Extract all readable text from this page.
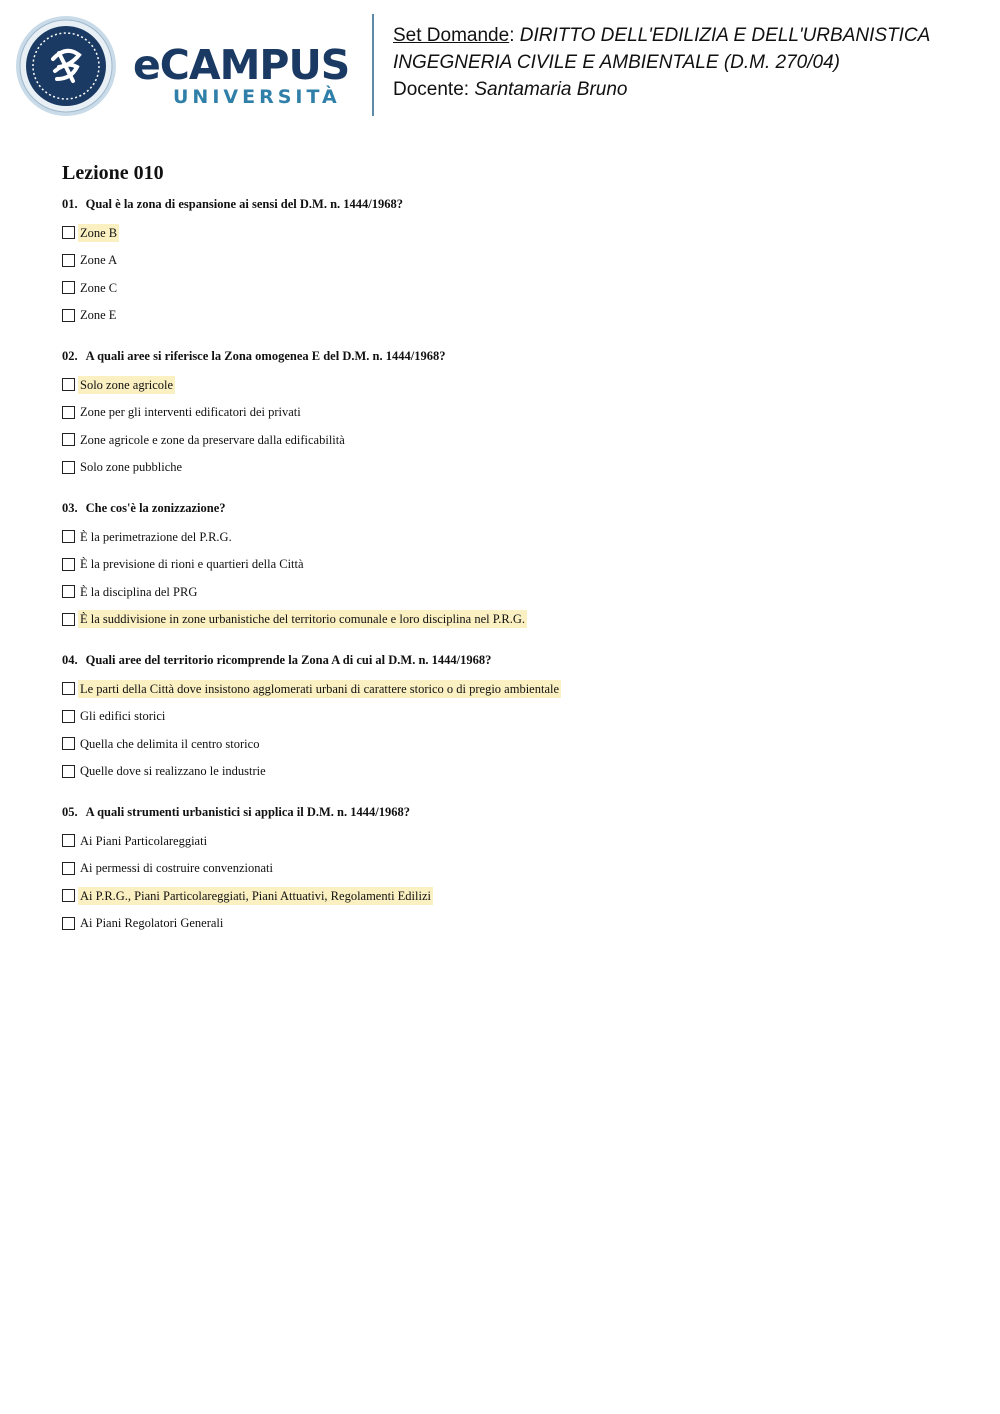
eCAMPUS
UNIVERSITÀ
Set Domande: DIRITTO DELL'EDILIZIA E DELL'URBANISTICA
INGEGNERIA CIVILE E AMBIENTALE (D.M. 270/04)
Docente: Santamaria Bruno
Lezione 010
01. Qual è la zona di espansione ai sensi del D.M. n. 1444/1968?
Zone B
Zone A
Zone C
Zone E
02. A quali aree si riferisce la Zona omogenea E del D.M. n. 1444/1968?
Solo zone agricole
Zone per gli interventi edificatori dei privati
Zone agricole e zone da preservare dalla edificabilità
Solo zone pubbliche
03. Che cos'è la zonizzazione?
È la perimetrazione del P.R.G.
È la previsione di rioni e quartieri della Città
È la disciplina del PRG
È la suddivisione in zone urbanistiche del territorio comunale e loro disciplina nel P.R.G.
04. Quali aree del territorio ricomprende la Zona A di cui al D.M. n. 1444/1968?
Le parti della Città dove insistono agglomerati urbani di carattere storico o di pregio ambientale
Gli edifici storici
Quella che delimita il centro storico
Quelle dove si realizzano le industrie
05. A quali strumenti urbanistici si applica il D.M. n. 1444/1968?
Ai Piani Particolareggiati
Ai permessi di costruire convenzionati
Ai P.R.G., Piani Particolareggiati, Piani Attuativi, Regolamenti Edilizi
Ai Piani Regolatori Generali
